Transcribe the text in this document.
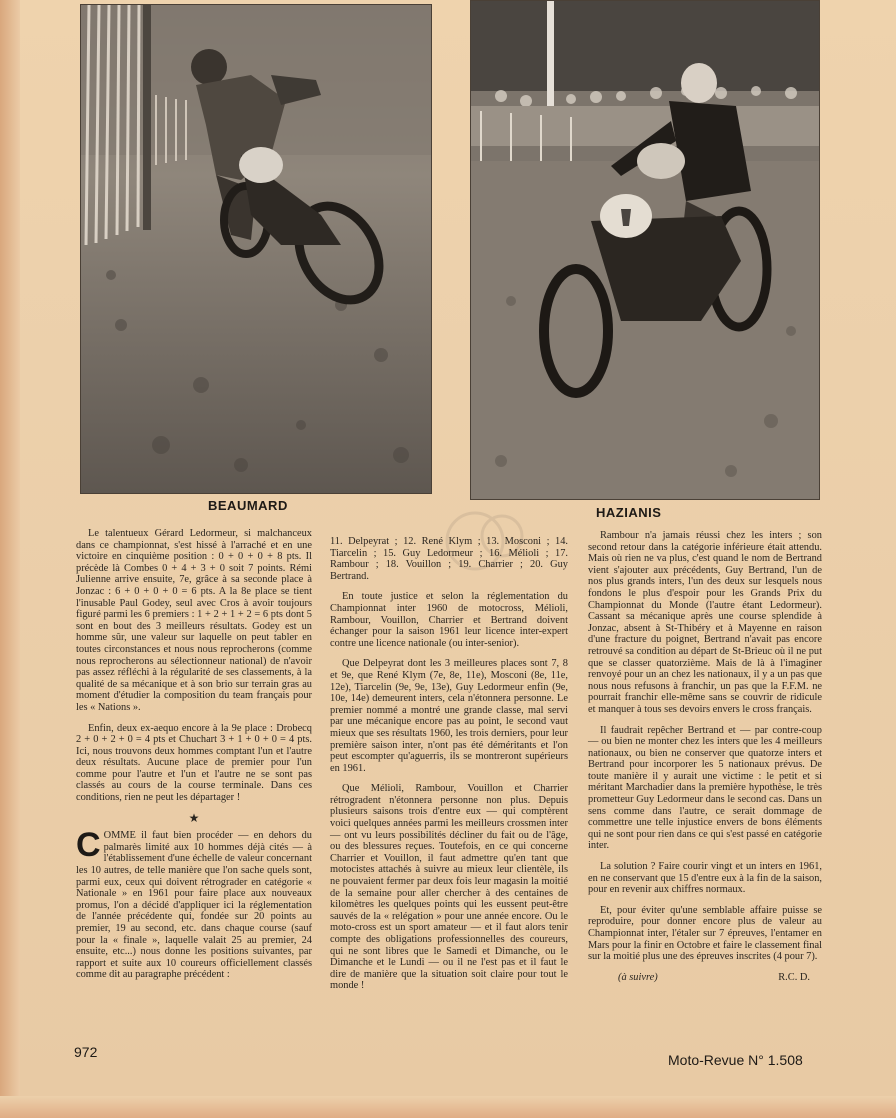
BEAUMARD	HAZIANIS

Le talentueux Gérard Ledormeur, si malchanceux dans ce championnat, s'est hissé à l'arraché et en une victoire en cinquième position : 0 + 0 + 0 + 8 pts. Il précède là Combes 0 + 4 + 3 + 0 soit 7 points. Rémi Julienne arrive ensuite, 7e, grâce à sa seconde place à Jonzac : 6 + 0 + 0 + 0 = 6 pts. A la 8e place se tient l'inusable Paul Godey, seul avec Cros à avoir toujours figuré parmi les 6 premiers : 1 + 2 + 1 + 2 = 6 pts dont 5 sont en bout des 3 meilleurs résultats. Godey est un homme sûr, une valeur sur laquelle on peut tabler en toutes circonstances et nous nous reprocherons (comme nous reprocherons au sélectionneur national) de n'avoir pas assez réfléchi à la régularité de ses classements, à la qualité de sa mécanique et à son brio sur terrain gras au moment d'étudier la composition du team français pour les « Nations ».

Enfin, deux ex-aequo encore à la 9e place : Drobecq 2 + 0 + 2 + 0 = 4 pts et Chuchart 3 + 1 + 0 + 0 = 4 pts. Ici, nous trouvons deux hommes comptant l'un et l'autre deux résultats. Aucune place de premier pour l'un comme pour l'autre et l'un et l'autre ne se sont pas classés au cours de la course terminale. Dans ces conditions, rien ne peut les départager !

★

COMME il faut bien procéder — en dehors du palmarès limité aux 10 hommes déjà cités — à l'établissement d'une échelle de valeur concernant les 10 autres, de telle manière que l'on sache quels sont, parmi eux, ceux qui doivent rétrograder en catégorie « Nationale » en 1961 pour faire place aux nouveaux promus, l'on a décidé d'appliquer ici la réglementation de l'année précédente qui, fondée sur 20 points au premier, 19 au second, etc. dans chaque course (sauf pour la « finale », laquelle valait 25 au premier, 24 ensuite, etc...) nous donne les positions suivantes, par rapport et suite aux 10 coureurs officiellement classés comme dit au paragraphe précédent :

11. Delpeyrat ; 12. René Klym ; 13. Mosconi ; 14. Tiarcelin ; 15. Guy Ledormeur ; 16. Mélioli ; 17. Rambour ; 18. Vouillon ; 19. Charrier ; 20. Guy Bertrand.

En toute justice et selon la réglementation du Championnat inter 1960 de motocross, Mélioli, Rambour, Vouillon, Charrier et Bertrand doivent échanger pour la saison 1961 leur licence inter-expert contre une licence nationale (ou inter-senior).

Que Delpeyrat dont les 3 meilleures places sont 7, 8 et 9e, que René Klym (7e, 8e, 11e), Mosconi (8e, 11e, 12e), Tiarcelin (9e, 9e, 13e), Guy Ledormeur enfin (9e, 10e, 14e) demeurent inters, cela n'étonnera personne. Le premier nommé a montré une grande classe, mal servi par une mécanique encore pas au point, le second vaut mieux que ses résultats 1960, les trois derniers, pour leur première saison inter, n'ont pas été déméritants et l'on peut escompter qu'aguerris, ils se montreront supérieurs en 1961.

Que Mélioli, Rambour, Vouillon et Charrier rétrogradent n'étonnera personne non plus. Depuis plusieurs saisons trois d'entre eux — qui comptèrent voici quelques années parmi les meilleurs crossmen inter — ont vu leurs possibilités décliner du fait ou de l'âge, ou des blessures reçues. Toutefois, en ce qui concerne Charrier et Vouillon, il faut admettre qu'en tant que motocistes attachés à suivre au mieux leur clientèle, ils ne pouvaient fermer par deux fois leur magasin la moitié de la semaine pour aller chercher à des centaines de kilomètres les quelques points qui les eussent peut-être sauvés de la « relégation » pour une année encore. Ou le moto-cross est un sport amateur — et il faut alors tenir compte des obligations professionnelles des coureurs, qui ne sont libres que le Samedi et Dimanche, ou le Dimanche et le Lundi — ou il ne l'est pas et il faut le dire de manière que la situation soit claire pour tout le monde !

Rambour n'a jamais réussi chez les inters ; son second retour dans la catégorie inférieure était attendu. Mais où rien ne va plus, c'est quand le nom de Bertrand vient s'ajouter aux précédents, Guy Bertrand, l'un de nos plus grands inters, l'un des deux sur lesquels nous fondons le plus d'espoir pour les Grands Prix du Championnat du Monde (l'autre étant Ledormeur). Cassant sa mécanique après une course splendide à Jonzac, absent à St-Thibéry et à Mayenne en raison d'une fracture du poignet, Bertrand n'avait pas encore retrouvé sa condition au départ de St-Brieuc où il ne put que se classer quatorzième. Mais de là à l'imaginer renvoyé pour un an chez les nationaux, il y a un pas que nous nous refusons à franchir, un pas que la F.F.M. ne pourrait franchir elle-même sans se couvrir de ridicule et manquer à tous ses devoirs envers le cross français.

Il faudrait repêcher Bertrand et — par contre-coup — ou bien ne monter chez les inters que les 4 meilleurs nationaux, ou bien ne conserver que quatorze inters et Bertrand pour incorporer les 5 nationaux prévus. De toute manière il y aurait une victime : le petit et si méritant Marchadier dans la première hypothèse, le très prometteur Guy Ledormeur dans le second cas. Dans un sens comme dans l'autre, ce serait dommage de commettre une telle injustice envers de bons éléments qui ne sont pour rien dans ce qui s'est passé en catégorie inter.

La solution ? Faire courir vingt et un inters en 1961, en ne conservant que 15 d'entre eux à la fin de la saison, pour en revenir aux chiffres normaux.

Et, pour éviter qu'une semblable affaire puisse se reproduire, pour donner encore plus de valeur au Championnat inter, l'étaler sur 7 épreuves, l'entamer en Mars pour la finir en Octobre et faire le classement final sur la moitié plus une des épreuves inscrites (4 pour 7).

(à suivre)	R.C. D.
972	Moto-Revue N° 1.508
